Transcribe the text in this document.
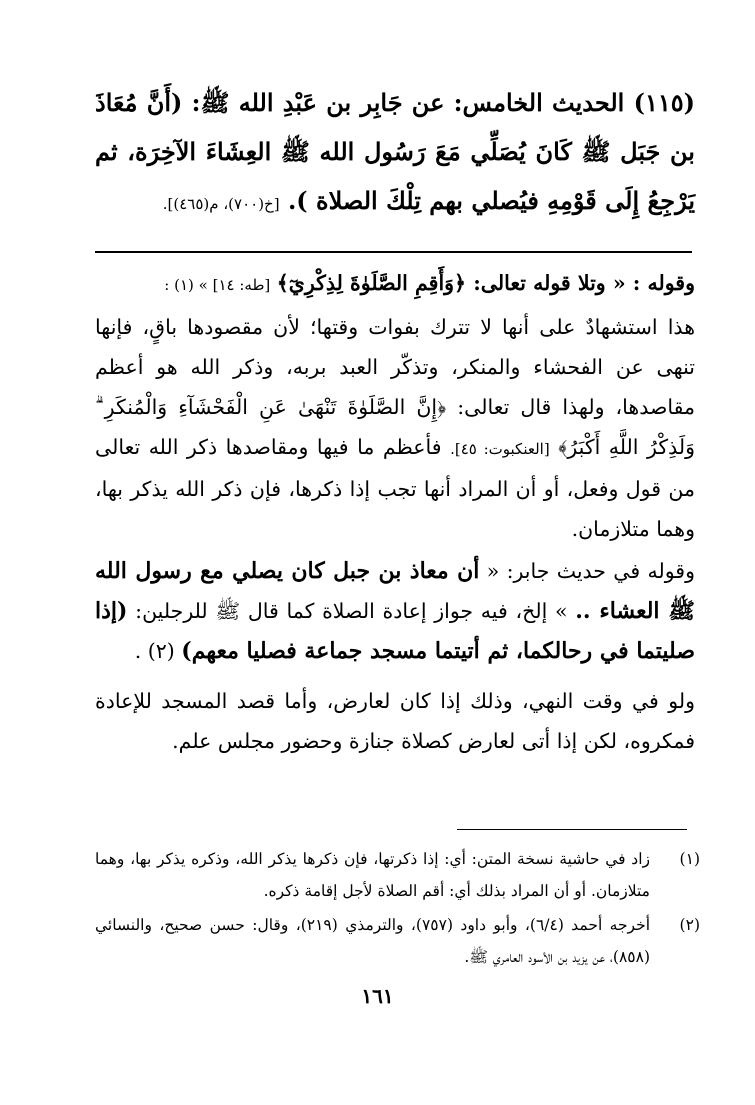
(١١٥) الحديث الخامس: عن جَابِر بن عَبْدِ الله ﷺ: (أَنَّ مُعَاذَ بن جَبَل ﷺ كَانَ يُصَلِّي مَعَ رَسُول الله ﷺ العِشَاءَ الآخِرَة، ثم يَرْجِعُ إِلَى قَوْمِهِ فيُصلي بهم تِلْكَ الصلاة ). [خ(٧٠٠)، م(٤٦٥)].

وقوله : « وتلا قوله تعالى: ﴿وَأَقِمِ الصَّلَوٰةَ لِذِكْرِيٓ﴾ [طه: ١٤] » (١) :

هذا استشهادٌ على أنها لا تترك بفوات وقتها؛ لأن مقصودها باقٍ، فإنها تنهى عن الفحشاء والمنكر، وتذكّر العبد بربه، وذكر الله هو أعظم مقاصدها، ولهذا قال تعالى: ﴿إِنَّ الصَّلَوٰةَ تَنْهَىٰ عَنِ الْفَحْشَآءِ وَالْمُنكَرِ ۗ وَلَذِكْرُ اللَّهِ أَكْبَرُ﴾ [العنكبوت: ٤٥]. فأعظم ما فيها ومقاصدها ذكر الله تعالى من قول وفعل، أو أن المراد أنها تجب إذا ذكرها، فإن ذكر الله يذكر بها، وهما متلازمان.

وقوله في حديث جابر: « أن معاذ بن جبل كان يصلي مع رسول الله ﷺ العشاء .. » إلخ، فيه جواز إعادة الصلاة كما قال ﷺ للرجلين: (إذا صليتما في رحالكما، ثم أتيتما مسجد جماعة فصليا معهم) (٢) .

ولو في وقت النهي، وذلك إذا كان لعارض، وأما قصد المسجد للإعادة فمكروه، لكن إذا أتى لعارض كصلاة جنازة وحضور مجلس علم.

(١)
زاد في حاشية نسخة المتن: أي: إذا ذكرتها، فإن ذكرها يذكر الله، وذكره يذكر بها، وهما متلازمان. أو أن المراد بذلك أي: أقم الصلاة لأجل إقامة ذكره.
(٢)
أخرجه أحمد (٦/٤)، وأبو داود (٧٥٧)، والترمذي (٢١٩)، وقال: حسن صحيح، والنسائي (٨٥٨)، عن يزيد بن الأسود العامري ﷺ.
١٦١
